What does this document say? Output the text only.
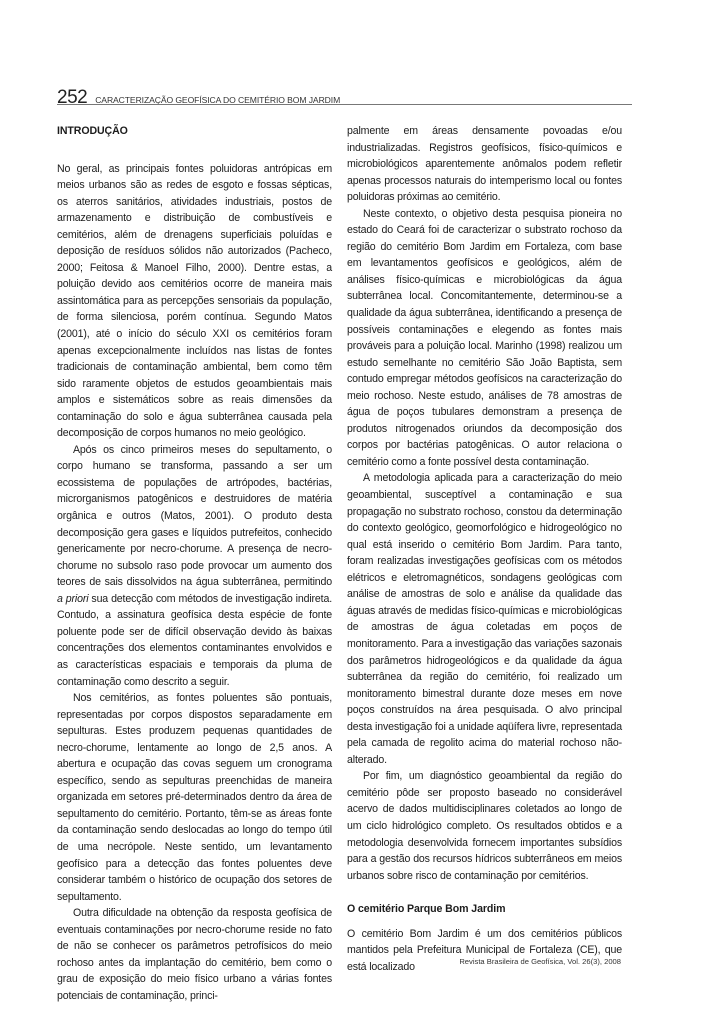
252 CARACTERIZAÇÃO GEOFÍSICA DO CEMITÉRIO BOM JARDIM

INTRODUÇÃO

No geral, as principais fontes poluidoras antrópicas em meios urbanos são as redes de esgoto e fossas sépticas, os aterros sanitários, atividades industriais, postos de armazenamento e distribuição de combustíveis e cemitérios, além de drenagens superficiais poluídas e deposição de resíduos sólidos não autorizados (Pacheco, 2000; Feitosa & Manoel Filho, 2000). Dentre estas, a poluição devido aos cemitérios ocorre de maneira mais assintomática para as percepções sensoriais da população, de forma silenciosa, porém contínua. Segundo Matos (2001), até o início do século XXI os cemitérios foram apenas excepcionalmente incluídos nas listas de fontes tradicionais de contaminação ambiental, bem como têm sido raramente objetos de estudos geoambientais mais amplos e sistemáticos sobre as reais dimensões da contaminação do solo e água subterrânea causada pela decomposição de corpos humanos no meio geológico.

Após os cinco primeiros meses do sepultamento, o corpo humano se transforma, passando a ser um ecossistema de populações de artrópodes, bactérias, microrganismos patogênicos e destruidores de matéria orgânica e outros (Matos, 2001). O produto desta decomposição gera gases e líquidos putrefeitos, conhecido genericamente por necro-chorume. A presença de necro-chorume no subsolo raso pode provocar um aumento dos teores de sais dissolvidos na água subterrânea, permitindo a priori sua detecção com métodos de investigação indireta. Contudo, a assinatura geofísica desta espécie de fonte poluente pode ser de difícil observação devido às baixas concentrações dos elementos contaminantes envolvidos e as características espaciais e temporais da pluma de contaminação como descrito a seguir.

Nos cemitérios, as fontes poluentes são pontuais, representadas por corpos dispostos separadamente em sepulturas. Estes produzem pequenas quantidades de necro-chorume, lentamente ao longo de 2,5 anos. A abertura e ocupação das covas seguem um cronograma específico, sendo as sepulturas preenchidas de maneira organizada em setores pré-determinados dentro da área de sepultamento do cemitério. Portanto, têm-se as áreas fonte da contaminação sendo deslocadas ao longo do tempo útil de uma necrópole. Neste sentido, um levantamento geofísico para a detecção das fontes poluentes deve considerar também o histórico de ocupação dos setores de sepultamento.

Outra dificuldade na obtenção da resposta geofísica de eventuais contaminações por necro-chorume reside no fato de não se conhecer os parâmetros petrofísicos do meio rochoso antes da implantação do cemitério, bem como o grau de exposição do meio físico urbano a várias fontes potenciais de contaminação, princi-

palmente em áreas densamente povoadas e/ou industrializadas. Registros geofísicos, físico-químicos e microbiológicos aparentemente anômalos podem refletir apenas processos naturais do intemperismo local ou fontes poluidoras próximas ao cemitério.

Neste contexto, o objetivo desta pesquisa pioneira no estado do Ceará foi de caracterizar o substrato rochoso da região do cemitério Bom Jardim em Fortaleza, com base em levantamentos geofísicos e geológicos, além de análises físico-químicas e microbiológicas da água subterrânea local. Concomitantemente, determinou-se a qualidade da água subterrânea, identificando a presença de possíveis contaminações e elegendo as fontes mais prováveis para a poluição local. Marinho (1998) realizou um estudo semelhante no cemitério São João Baptista, sem contudo empregar métodos geofísicos na caracterização do meio rochoso. Neste estudo, análises de 78 amostras de água de poços tubulares demonstram a presença de produtos nitrogenados oriundos da decomposição dos corpos por bactérias patogênicas. O autor relaciona o cemitério como a fonte possível desta contaminação.

A metodologia aplicada para a caracterização do meio geoambiental, susceptível a contaminação e sua propagação no substrato rochoso, constou da determinação do contexto geológico, geomorfológico e hidrogeológico no qual está inserido o cemitério Bom Jardim. Para tanto, foram realizadas investigações geofísicas com os métodos elétricos e eletromagnéticos, sondagens geológicas com análise de amostras de solo e análise da qualidade das águas através de medidas físico-químicas e microbiológicas de amostras de água coletadas em poços de monitoramento. Para a investigação das variações sazonais dos parâmetros hidrogeológicos e da qualidade da água subterrânea da região do cemitério, foi realizado um monitoramento bimestral durante doze meses em nove poços construídos na área pesquisada. O alvo principal desta investigação foi a unidade aqüífera livre, representada pela camada de regolito acima do material rochoso não-alterado.

Por fim, um diagnóstico geoambiental da região do cemitério pôde ser proposto baseado no considerável acervo de dados multidisciplinares coletados ao longo de um ciclo hidrológico completo. Os resultados obtidos e a metodologia desenvolvida fornecem importantes subsídios para a gestão dos recursos hídricos subterrâneos em meios urbanos sobre risco de contaminação por cemitérios.

O cemitério Parque Bom Jardim

O cemitério Bom Jardim é um dos cemitérios públicos mantidos pela Prefeitura Municipal de Fortaleza (CE), que está localizado	Revista Brasileira de Geofísica, Vol. 26(3), 2008
